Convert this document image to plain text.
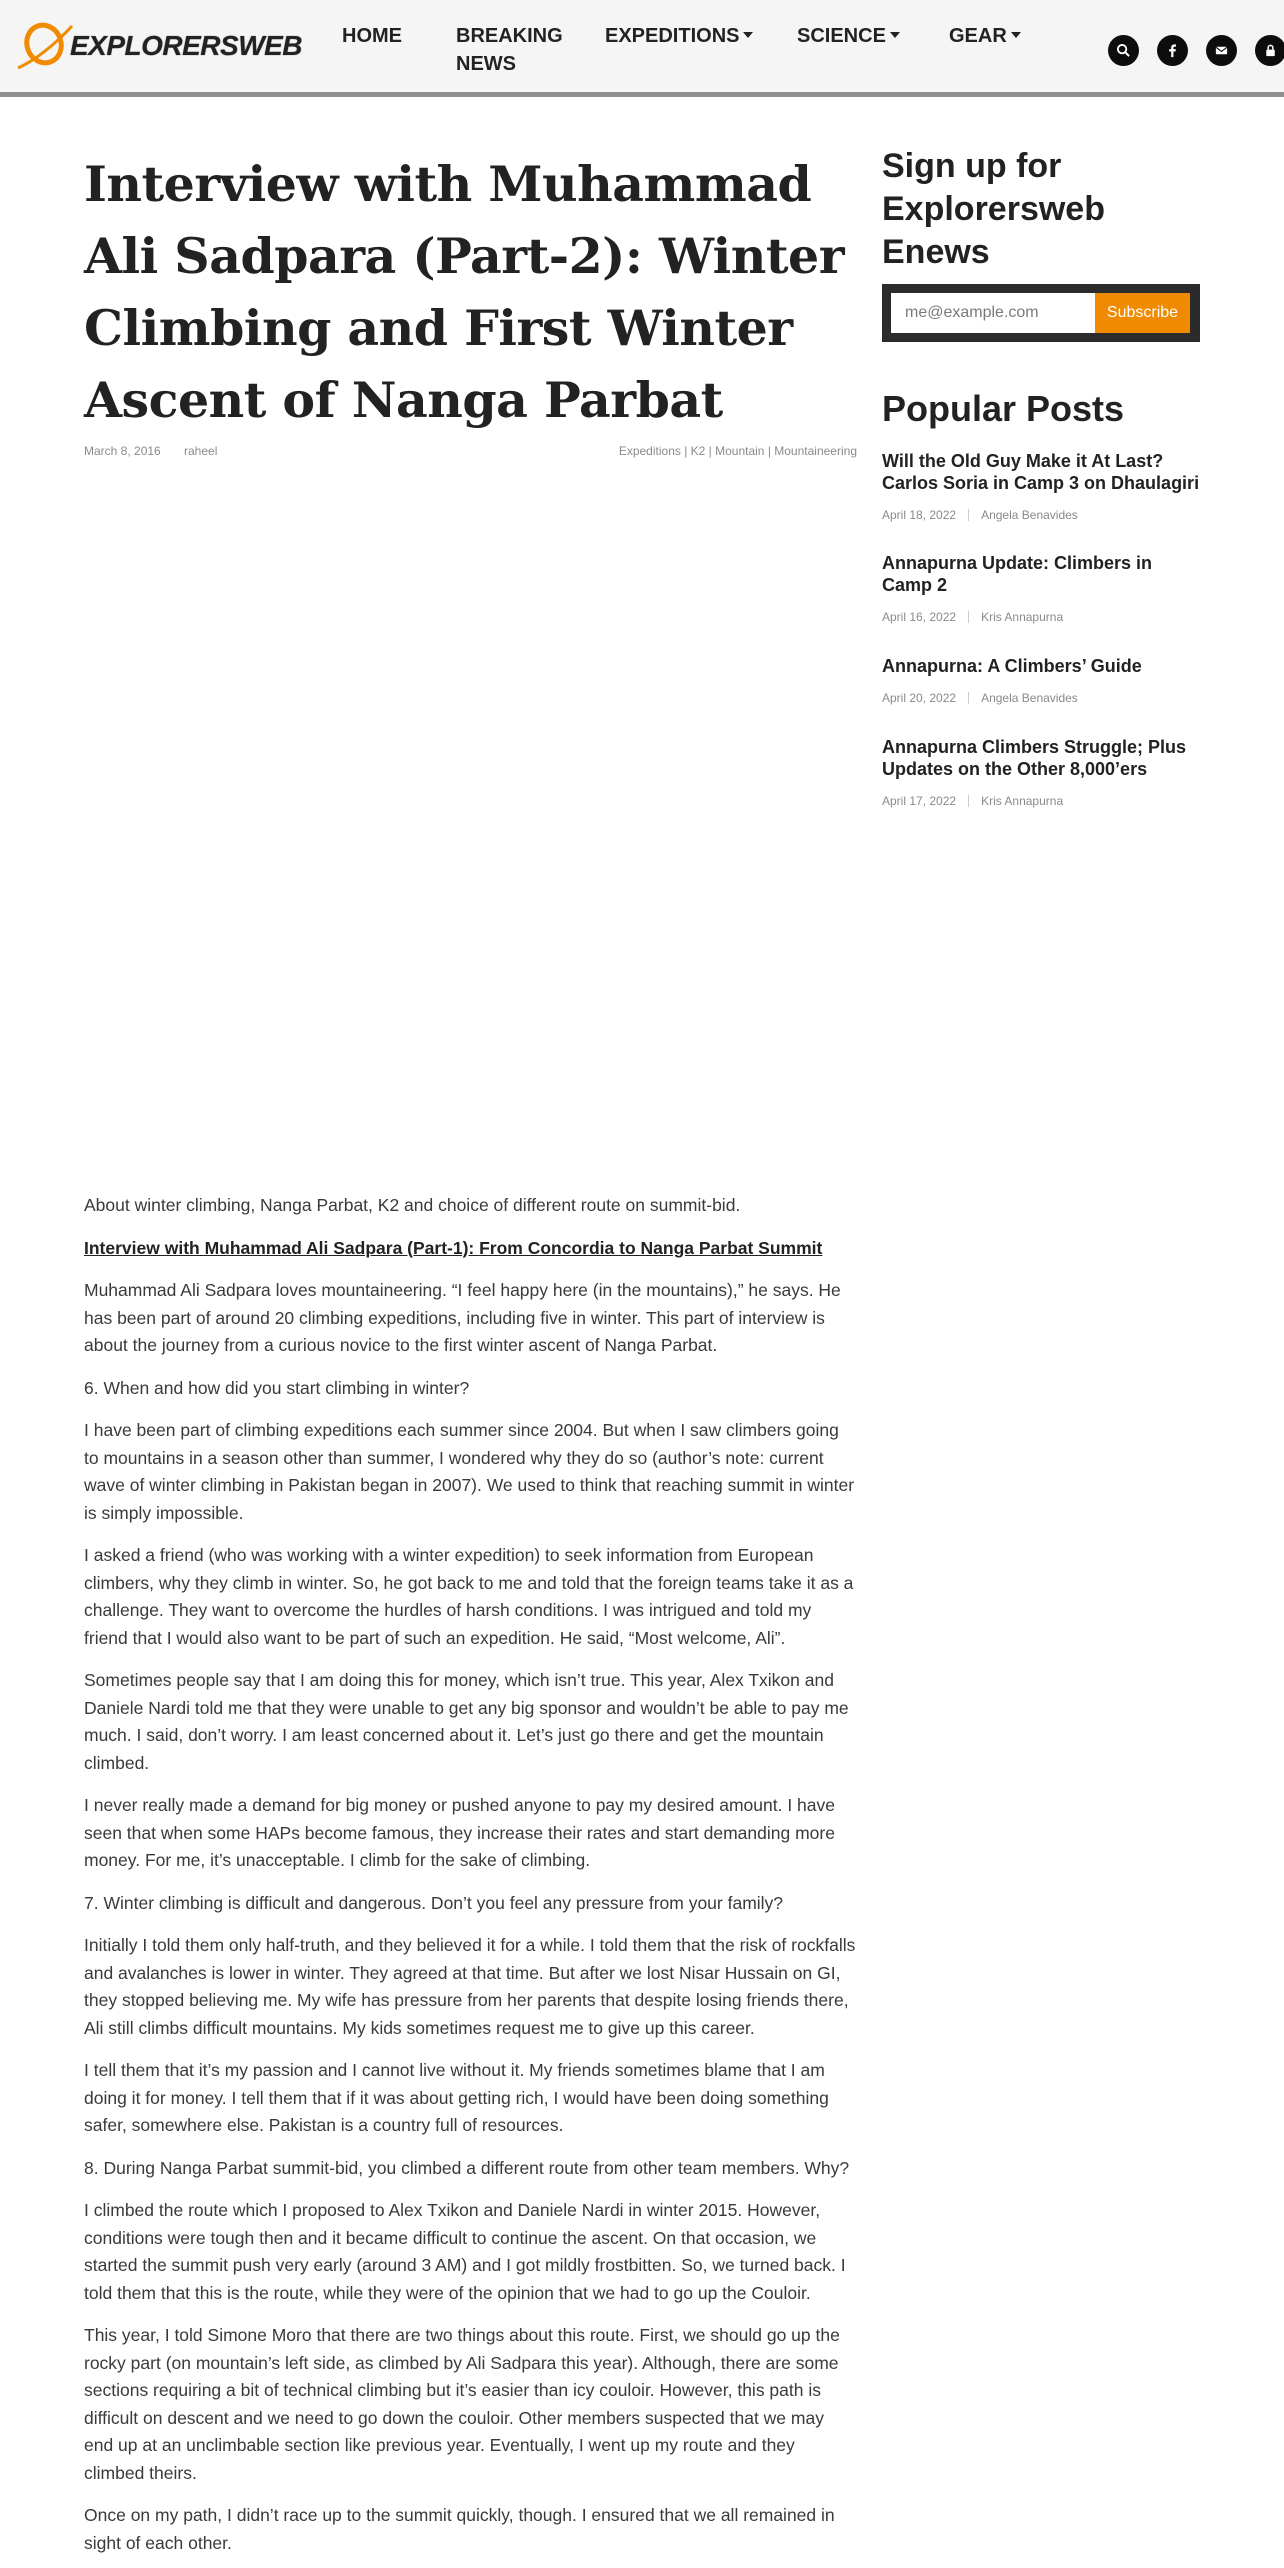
EXPLORERSWEB HOME	BREAKING NEWS
EXPEDITIONS	SCIENCE	GEAR
Interview with Muhammad Ali Sadpara (Part-2): Winter Climbing and First Winter Ascent of Nanga Parbat
March 8, 2016 raheel	Expeditions | K2 | Mountain | Mountaineering

About winter climbing, Nanga Parbat, K2 and choice of different route on summit-bid.

Interview with Muhammad Ali Sadpara (Part-1): From Concordia to Nanga Parbat Summit

Muhammad Ali Sadpara loves mountaineering. “I feel happy here (in the mountains),” he says. He has been part of around 20 climbing expeditions, including five in winter. This part of interview is about the journey from a curious novice to the first winter ascent of Nanga Parbat.

6. When and how did you start climbing in winter?

I have been part of climbing expeditions each summer since 2004. But when I saw climbers going to mountains in a season other than summer, I wondered why they do so (author’s note: current wave of winter climbing in Pakistan began in 2007). We used to think that reaching summit in winter is simply impossible.

I asked a friend (who was working with a winter expedition) to seek information from European climbers, why they climb in winter. So, he got back to me and told that the foreign teams take it as a challenge. They want to overcome the hurdles of harsh conditions. I was intrigued and told my friend that I would also want to be part of such an expedition. He said, “Most welcome, Ali”.

Sometimes people say that I am doing this for money, which isn’t true. This year, Alex Txikon and Daniele Nardi told me that they were unable to get any big sponsor and wouldn’t be able to pay me much. I said, don’t worry. I am least concerned about it. Let’s just go there and get the mountain climbed.

I never really made a demand for big money or pushed anyone to pay my desired amount. I have seen that when some HAPs become famous, they increase their rates and start demanding more money. For me, it’s unacceptable. I climb for the sake of climbing.

7. Winter climbing is difficult and dangerous. Don’t you feel any pressure from your family?

Initially I told them only half-truth, and they believed it for a while. I told them that the risk of rockfalls and avalanches is lower in winter. They agreed at that time. But after we lost Nisar Hussain on GI, they stopped believing me. My wife has pressure from her parents that despite losing friends there, Ali still climbs difficult mountains. My kids sometimes request me to give up this career.

I tell them that it’s my passion and I cannot live without it. My friends sometimes blame that I am doing it for money. I tell them that if it was about getting rich, I would have been doing something safer, somewhere else. Pakistan is a country full of resources.

8. During Nanga Parbat summit-bid, you climbed a different route from other team members. Why?

I climbed the route which I proposed to Alex Txikon and Daniele Nardi in winter 2015. However, conditions were tough then and it became difficult to continue the ascent. On that occasion, we started the summit push very early (around 3 AM) and I got mildly frostbitten. So, we turned back. I told them that this is the route, while they were of the opinion that we had to go up the Couloir.

This year, I told Simone Moro that there are two things about this route. First, we should go up the rocky part (on mountain’s left side, as climbed by Ali Sadpara this year). Although, there are some sections requiring a bit of technical climbing but it’s easier than icy couloir. However, this path is difficult on descent and we need to go down the couloir. Other members suspected that we may end up at an unclimbable section like previous year. Eventually, I went up my route and they climbed theirs.

Once on my path, I didn’t race up to the summit quickly, though. I ensured that we all remained in sight of each other.

Sign up for Explorersweb Enews
me@example.com
Subscribe
Popular Posts
Will the Old Guy Make it At Last? Carlos Soria in Camp 3 on Dhaulagiri
April 18, 2022 Angela Benavides
Annapurna Update: Climbers in Camp 2
April 16, 2022 Kris Annapurna
Annapurna: A Climbers’ Guide
April 20, 2022 Angela Benavides
Annapurna Climbers Struggle; Plus Updates on the Other 8,000’ers
April 17, 2022 Kris Annapurna
